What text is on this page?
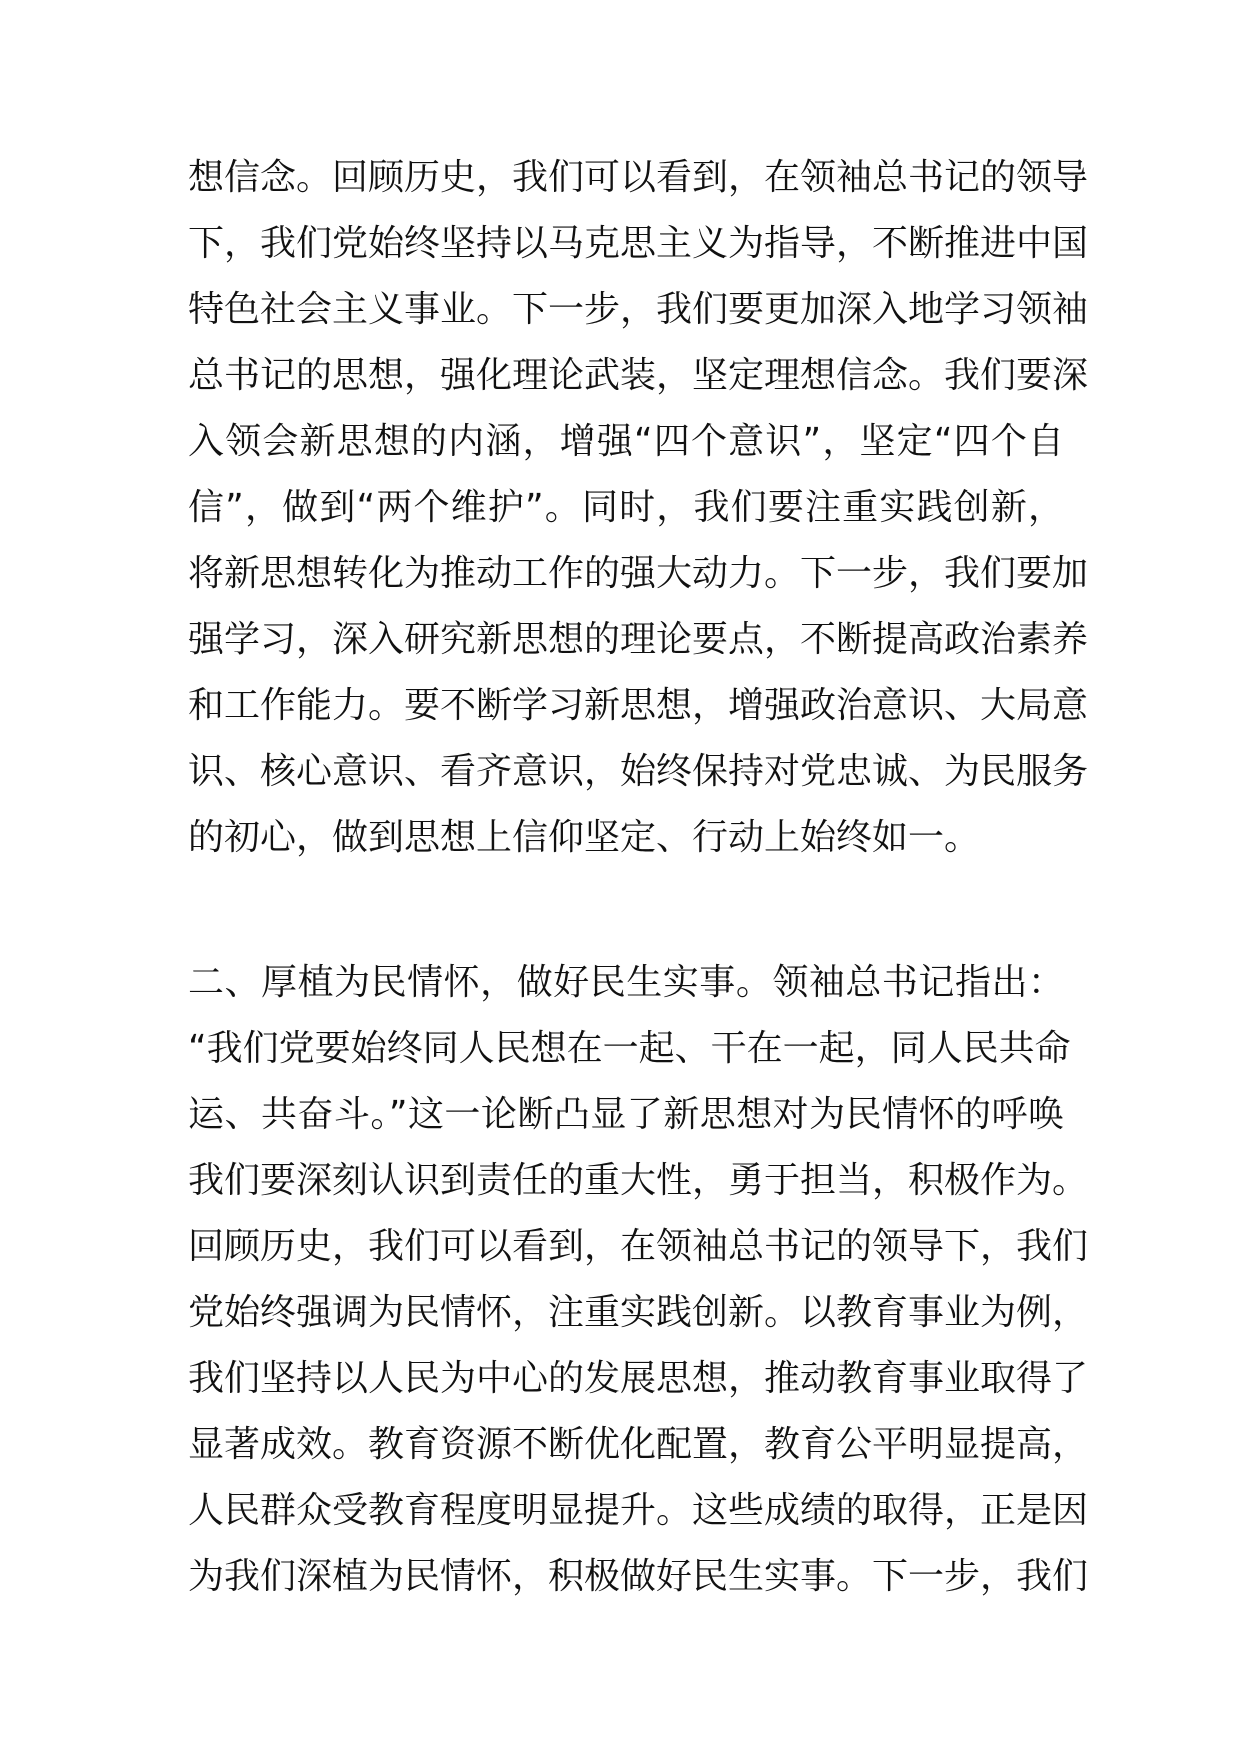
想信念。回顾历史，我们可以看到，在领袖总书记的领导
下，我们党始终坚持以马克思主义为指导，不断推进中国
特色社会主义事业。下一步，我们要更加深入地学习领袖
总书记的思想，强化理论武装，坚定理想信念。我们要深
入领会新思想的内涵，增强“四个意识”，坚定“四个自
信”，做到“两个维护”。同时，我们要注重实践创新，
将新思想转化为推动工作的强大动力。下一步，我们要加
强学习，深入研究新思想的理论要点，不断提高政治素养
和工作能力。要不断学习新思想，增强政治意识、大局意
识、核心意识、看齐意识，始终保持对党忠诚、为民服务
的初心，做到思想上信仰坚定、行动上始终如一。
二、厚植为民情怀，做好民生实事。领袖总书记指出：
“我们党要始终同人民想在一起、干在一起，同人民共命
运、共奋斗。”这一论断凸显了新思想对为民情怀的呼唤
我们要深刻认识到责任的重大性，勇于担当，积极作为。
回顾历史，我们可以看到，在领袖总书记的领导下，我们
党始终强调为民情怀，注重实践创新。以教育事业为例，
我们坚持以人民为中心的发展思想，推动教育事业取得了
显著成效。教育资源不断优化配置，教育公平明显提高，
人民群众受教育程度明显提升。这些成绩的取得，正是因
为我们深植为民情怀，积极做好民生实事。下一步，我们
